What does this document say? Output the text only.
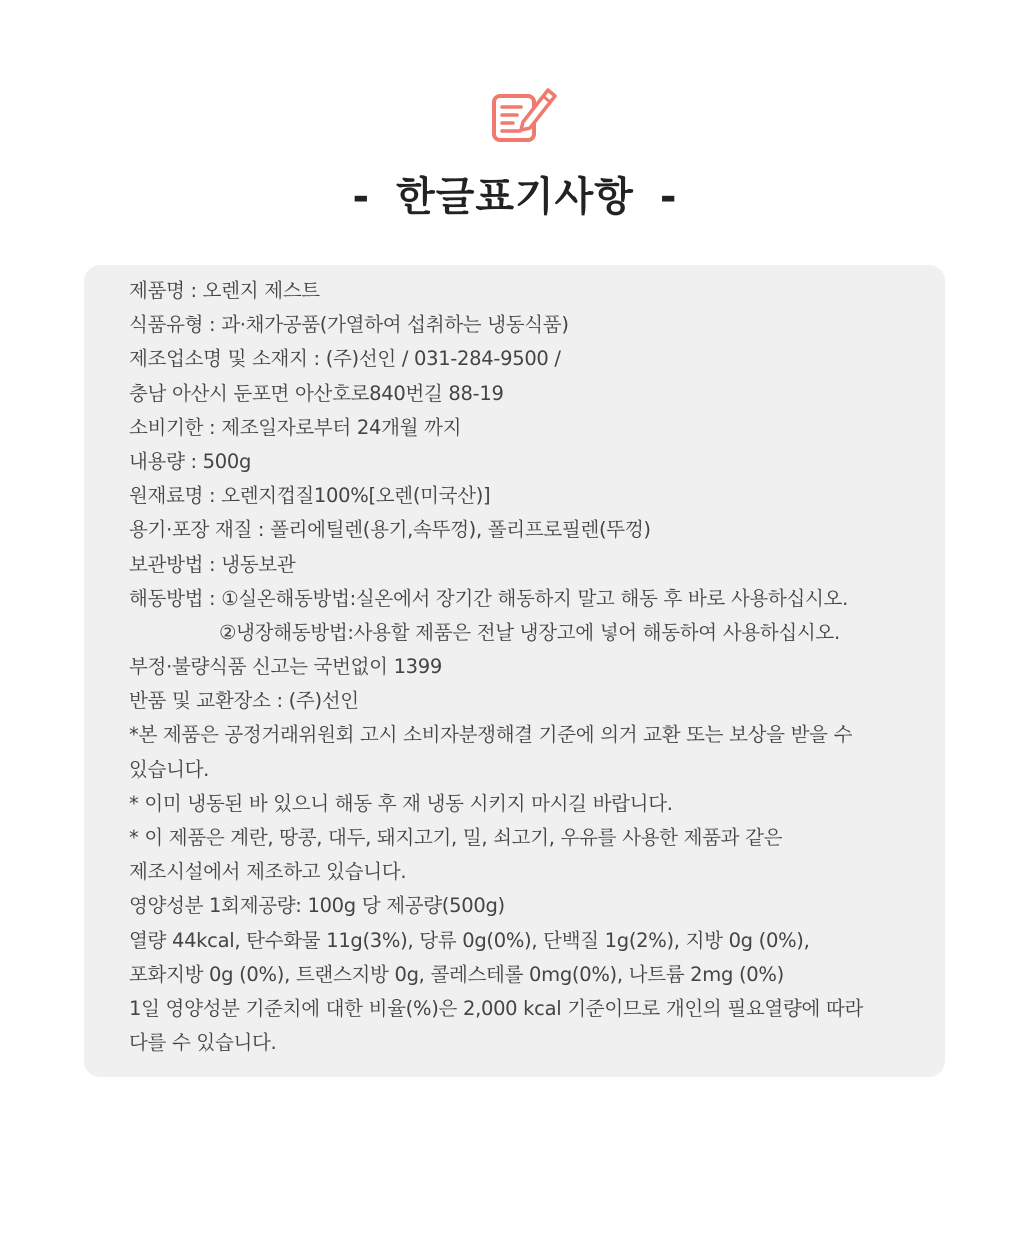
- 한글표기사항 -
제품명 : 오렌지 제스트
식품유형 : 과·채가공품(가열하여 섭취하는 냉동식품)
제조업소명 및 소재지 : (주)선인 / 031-284-9500 /
충남 아산시 둔포면 아산호로840번길 88-19
소비기한 : 제조일자로부터 24개월 까지
내용량 : 500g
원재료명 : 오렌지껍질100%[오렌(미국산)]
용기·포장 재질 : 폴리에틸렌(용기,속뚜껑), 폴리프로필렌(뚜껑)
보관방법 : 냉동보관
해동방법 : ①실온해동방법:실온에서 장기간 해동하지 말고 해동 후 바로 사용하십시오.
②냉장해동방법:사용할 제품은 전날 냉장고에 넣어 해동하여 사용하십시오.
부정·불량식품 신고는 국번없이 1399
반품 및 교환장소 : (주)선인
*본 제품은 공정거래위원회 고시 소비자분쟁해결 기준에 의거 교환 또는 보상을 받을 수
있습니다.
* 이미 냉동된 바 있으니 해동 후 재 냉동 시키지 마시길 바랍니다.
* 이 제품은 계란, 땅콩, 대두, 돼지고기, 밀, 쇠고기, 우유를 사용한 제품과 같은
제조시설에서 제조하고 있습니다.
영양성분 1회제공량: 100g 당 제공량(500g)
열량 44kcal, 탄수화물 11g(3%), 당류 0g(0%), 단백질 1g(2%), 지방 0g (0%),
포화지방 0g (0%), 트랜스지방 0g, 콜레스테롤 0mg(0%), 나트륨 2mg (0%)
1일 영양성분 기준치에 대한 비율(%)은 2,000 kcal 기준이므로 개인의 필요열량에 따라
다를 수 있습니다.
